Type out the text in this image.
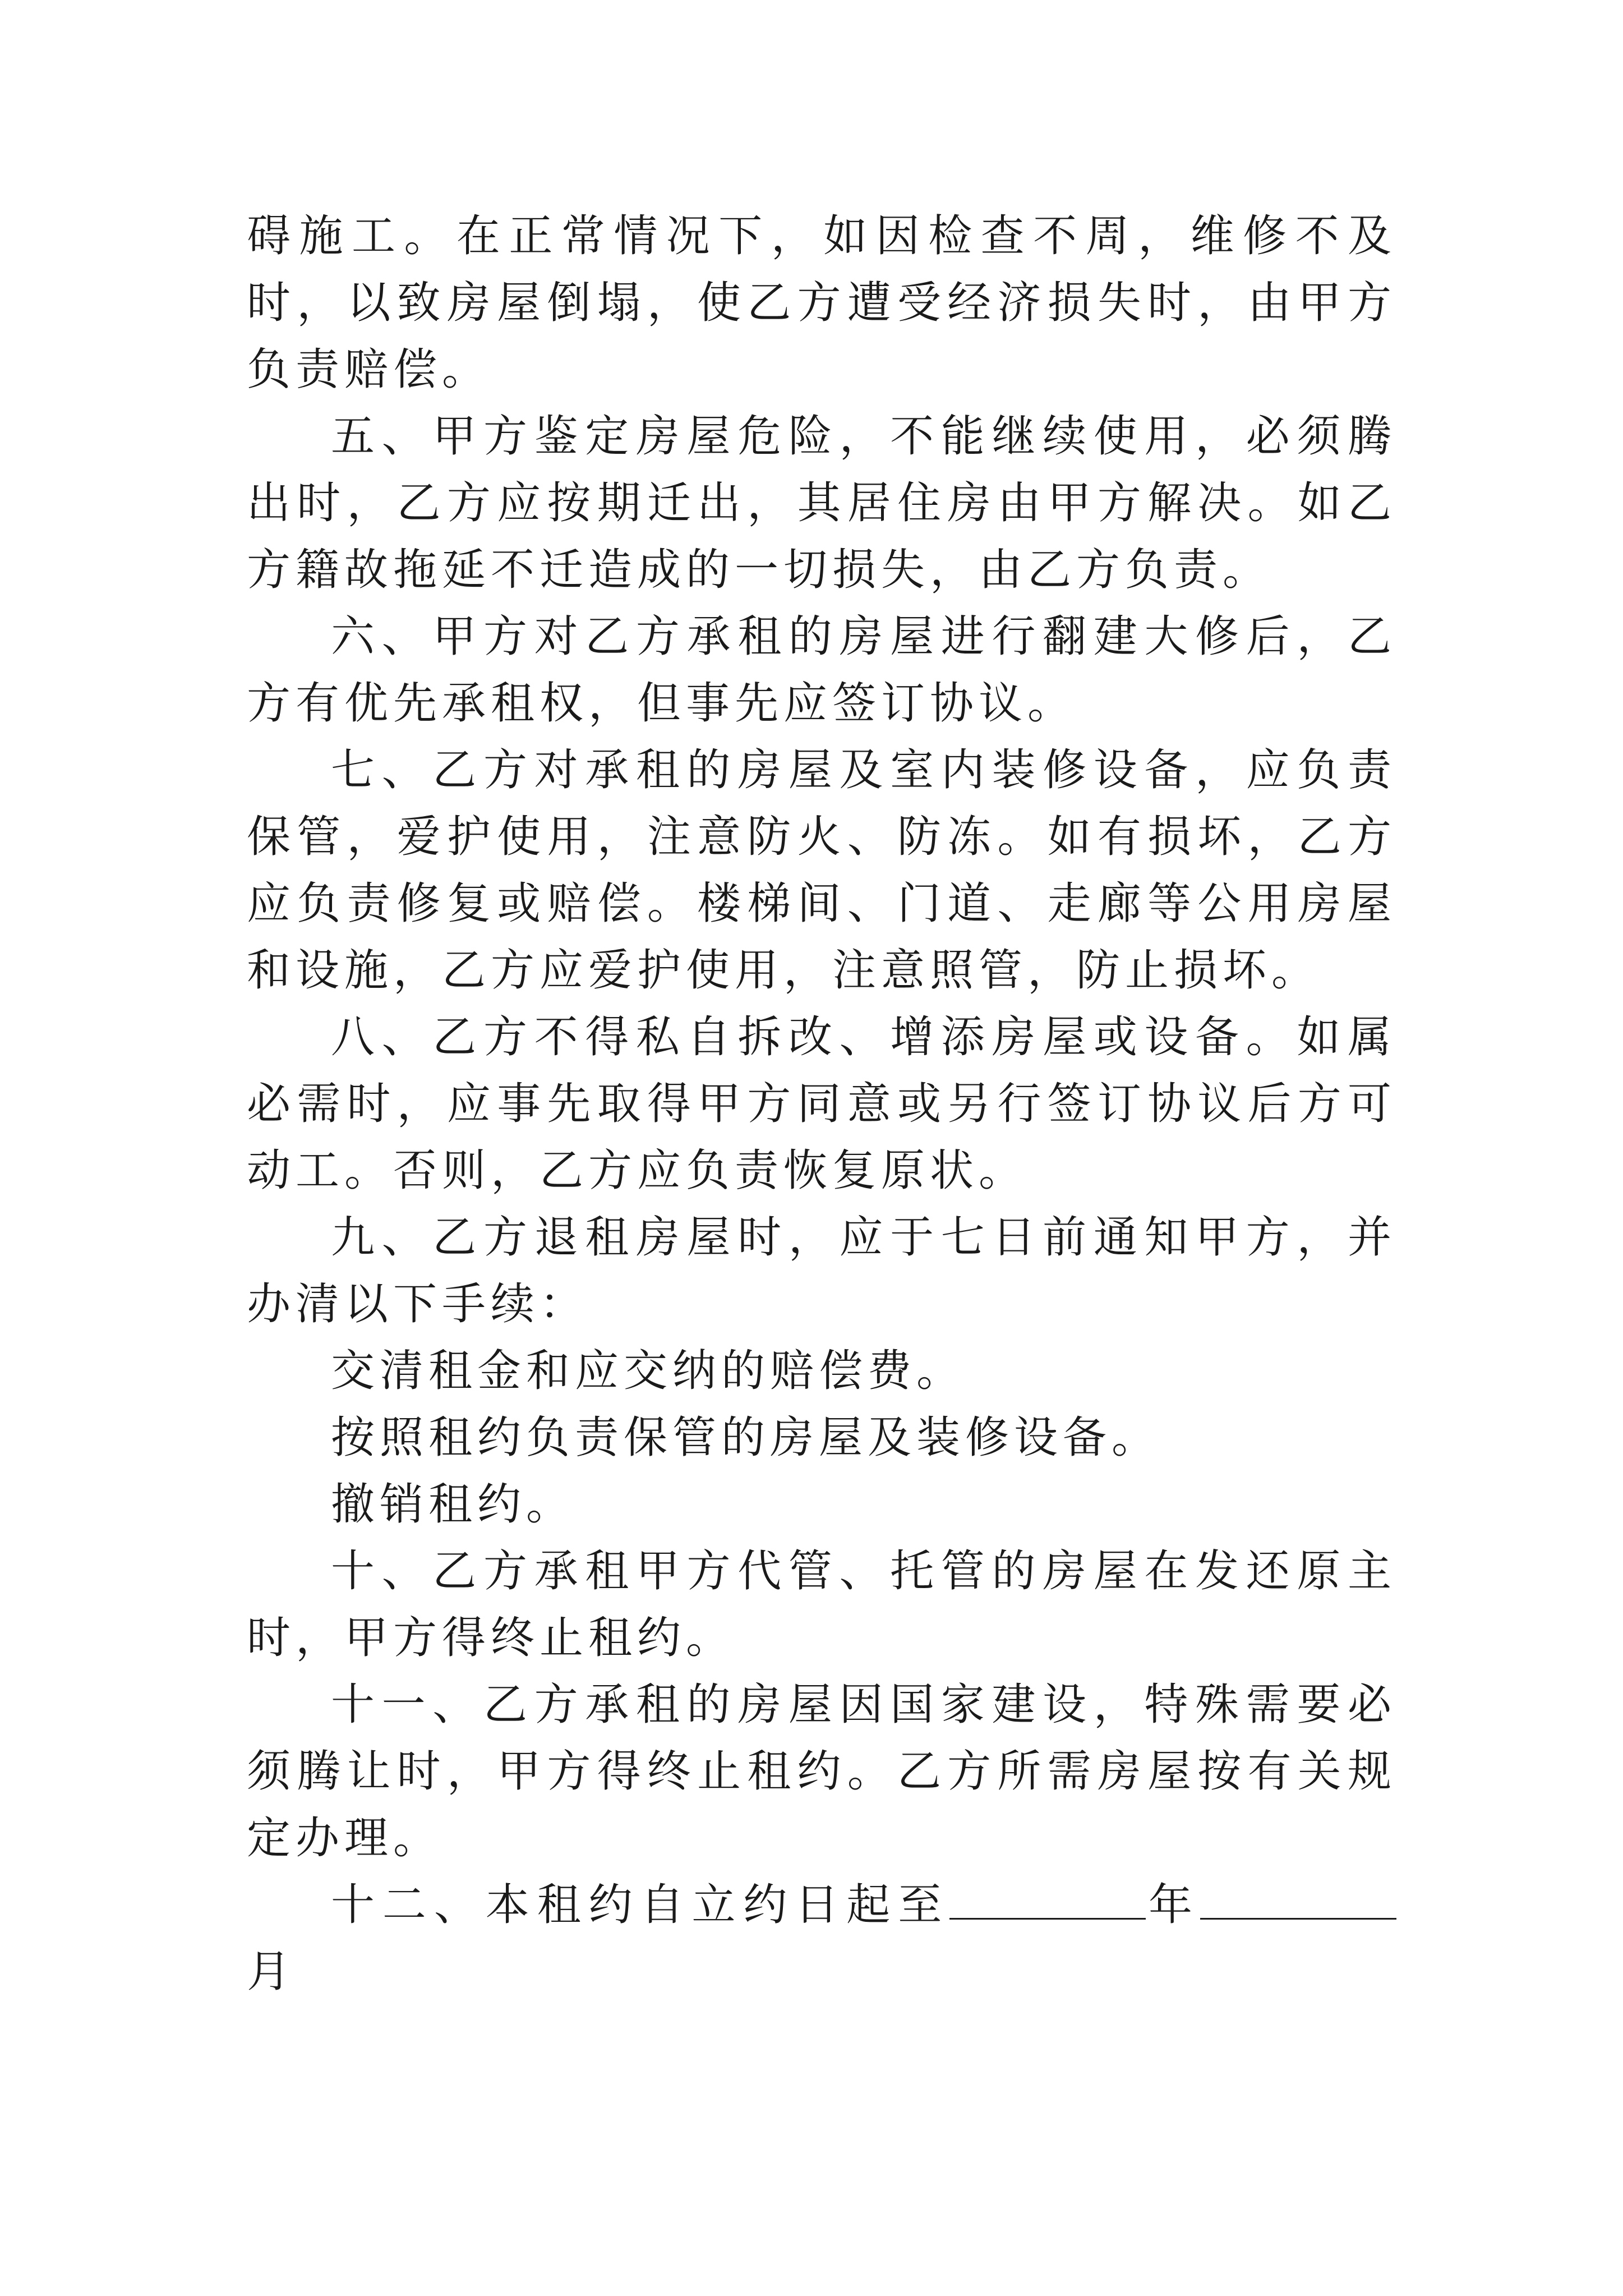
碍施工。在正常情况下，如因检查不周，维修不及时，以致房屋倒塌，使乙方遭受经济损失时，由甲方负责赔偿。

五、甲方鉴定房屋危险，不能继续使用，必须腾出时，乙方应按期迁出，其居住房由甲方解决。如乙方籍故拖延不迁造成的一切损失，由乙方负责。

六、甲方对乙方承租的房屋进行翻建大修后，乙方有优先承租权，但事先应签订协议。

七、乙方对承租的房屋及室内装修设备，应负责保管，爱护使用，注意防火、防冻。如有损坏，乙方应负责修复或赔偿。楼梯间、门道、走廊等公用房屋和设施，乙方应爱护使用，注意照管，防止损坏。

八、乙方不得私自拆改、增添房屋或设备。如属必需时，应事先取得甲方同意或另行签订协议后方可动工。否则，乙方应负责恢复原状。

九、乙方退租房屋时，应于七日前通知甲方，并办清以下手续：

交清租金和应交纳的赔偿费。

按照租约负责保管的房屋及装修设备。

撤销租约。

十、乙方承租甲方代管、托管的房屋在发还原主时，甲方得终止租约。

十一、乙方承租的房屋因国家建设，特殊需要必须腾让时，甲方得终止租约。乙方所需房屋按有关规定办理。

十二、本租约自立约日起至	年月
